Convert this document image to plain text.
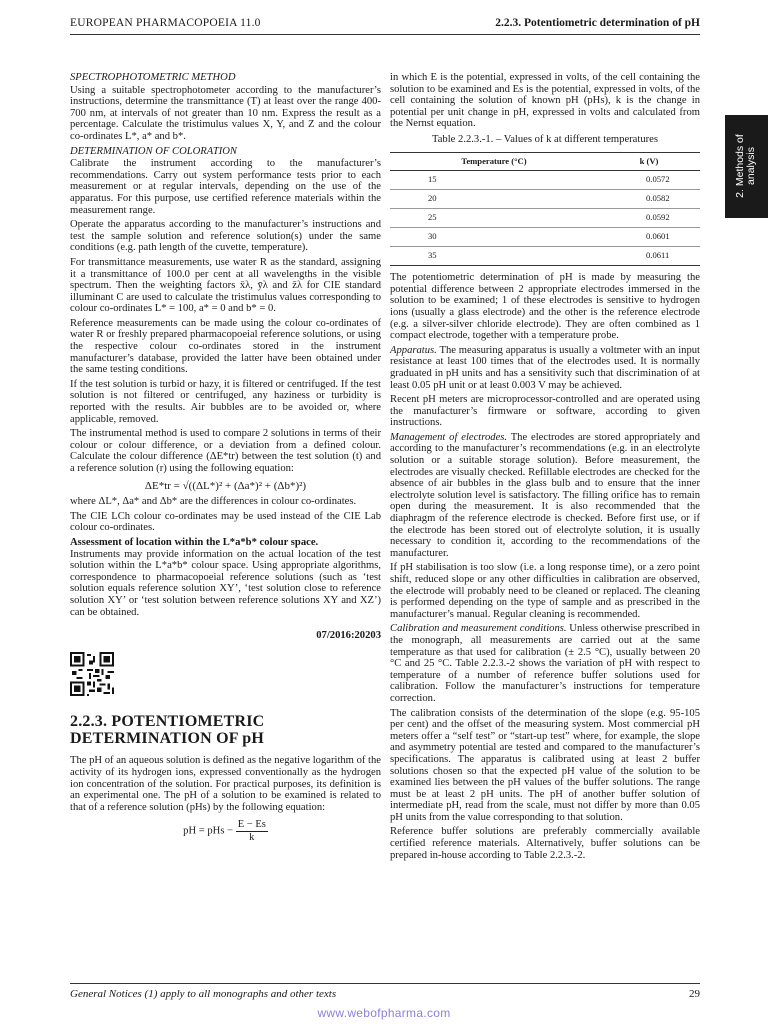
EUROPEAN PHARMACOPOEIA 11.0	2.2.3. Potentiometric determination of pH
2. Methods of analysis

SPECTROPHOTOMETRIC METHOD

Using a suitable spectrophotometer according to the manufacturer’s instructions, determine the transmittance (T) at least over the range 400-700 nm, at intervals of not greater than 10 nm. Express the result as a percentage. Calculate the tristimulus values X, Y, and Z and the colour co-ordinates L*, a* and b*.

DETERMINATION OF COLORATION

Calibrate the instrument according to the manufacturer’s recommendations. Carry out system performance tests prior to each measurement or at regular intervals, depending on the use of the apparatus. For this purpose, use certified reference materials within the measurement range.

Operate the apparatus according to the manufacturer’s instructions and test the sample solution and reference solution(s) under the same conditions (e.g. path length of the cuvette, temperature).

For transmittance measurements, use water R as the standard, assigning it a transmittance of 100.0 per cent at all wavelengths in the visible spectrum. Then the weighting factors x̄λ, ȳλ and z̄λ for CIE standard illuminant C are used to calculate the tristimulus values corresponding to colour co-ordinates L* = 100, a* = 0 and b* = 0.

Reference measurements can be made using the colour co-ordinates of water R or freshly prepared pharmacopoeial reference solutions, or using the respective colour co-ordinates stored in the instrument manufacturer’s database, provided the latter have been obtained under the same testing conditions.

If the test solution is turbid or hazy, it is filtered or centrifuged. If the test solution is not filtered or centrifuged, any haziness or turbidity is reported with the results. Air bubbles are to be avoided or, where applicable, removed.

The instrumental method is used to compare 2 solutions in terms of their colour or colour difference, or a deviation from a defined colour. Calculate the colour difference (ΔE*tr) between the test solution (t) and a reference solution (r) using the following equation:

ΔE*tr = √((ΔL*)² + (Δa*)² + (Δb*)²)

where ΔL*, Δa* and Δb* are the differences in colour co-ordinates.

The CIE LCh colour co-ordinates may be used instead of the CIE Lab colour co-ordinates.

Assessment of location within the L*a*b* colour space.

Instruments may provide information on the actual location of the test solution within the L*a*b* colour space. Using appropriate algorithms, correspondence to pharmacopoeial reference solutions (such as ‘test solution equals reference solution XY’, ‘test solution close to reference solution XY’ or ‘test solution between reference solutions XY and XZ’) can be obtained.

07/2016:20203
2.2.3. POTENTIOMETRIC
DETERMINATION OF pH

The pH of an aqueous solution is defined as the negative logarithm of the activity of its hydrogen ions, expressed conventionally as the hydrogen ion concentration of the solution. For practical purposes, its definition is an experimental one. The pH of a solution to be examined is related to that of a reference solution (pHs) by the following equation:

pH = pHs − $\frac{E - Es}{k}$

in which E is the potential, expressed in volts, of the cell containing the solution to be examined and Es is the potential, expressed in volts, of the cell containing the solution of known pH (pHs), k is the change in potential per unit change in pH, expressed in volts and calculated from the Nernst equation.

Table 2.2.3.-1. – Values of k at different temperatures
Temperature (°C)	k (V)
15	0.0572
20	0.0582
25	0.0592
30	0.0601
35	0.0611

The potentiometric determination of pH is made by measuring the potential difference between 2 appropriate electrodes immersed in the solution to be examined; 1 of these electrodes is sensitive to hydrogen ions (usually a glass electrode) and the other is the reference electrode (e.g. a silver-silver chloride electrode). They are often combined as 1 compact electrode, together with a temperature probe.

Apparatus. The measuring apparatus is usually a voltmeter with an input resistance at least 100 times that of the electrodes used. It is normally graduated in pH units and has a sensitivity such that discrimination of at least 0.05 pH unit or at least 0.003 V may be achieved.

Recent pH meters are microprocessor-controlled and are operated using the manufacturer’s firmware or software, according to given instructions.

Management of electrodes. The electrodes are stored appropriately and according to the manufacturer’s recommendations (e.g. in an electrolyte solution or a suitable storage solution). Before measurement, the electrodes are visually checked. Refillable electrodes are checked for the absence of air bubbles in the glass bulb and to ensure that the inner electrolyte solution level is satisfactory. The filling orifice has to remain open during the measurement. It is also recommended that the diaphragm of the reference electrode is checked. Before first use, or if the electrode has been stored out of electrolyte solution, it is usually necessary to condition it, according to the recommendations of the manufacturer.

If pH stabilisation is too slow (i.e. a long response time), or a zero point shift, reduced slope or any other difficulties in calibration are observed, the electrode will probably need to be cleaned or replaced. The cleaning is performed depending on the type of sample and as prescribed in the manufacturer’s manual. Regular cleaning is recommended.

Calibration and measurement conditions. Unless otherwise prescribed in the monograph, all measurements are carried out at the same temperature as that used for calibration (± 2.5 °C), usually between 20 °C and 25 °C. Table 2.2.3.-2 shows the variation of pH with respect to temperature of a number of reference buffer solutions used for calibration. Follow the manufacturer’s instructions for temperature correction.

The calibration consists of the determination of the slope (e.g. 95-105 per cent) and the offset of the measuring system. Most commercial pH meters offer a “self test” or “start-up test” where, for example, the slope and asymmetry potential are tested and compared to the manufacturer’s specifications. The apparatus is calibrated using at least 2 buffer solutions chosen so that the expected pH value of the solution to be examined lies between the pH values of the buffer solutions. The range must be at least 2 pH units. The pH of another buffer solution of intermediate pH, read from the scale, must not differ by more than 0.05 pH units from the value corresponding to that solution.

Reference buffer solutions are preferably commercially available certified reference materials. Alternatively, buffer solutions can be prepared in-house according to Table 2.2.3.-2.

General Notices (1) apply to all monographs and other texts	29
www.webofpharma.com
